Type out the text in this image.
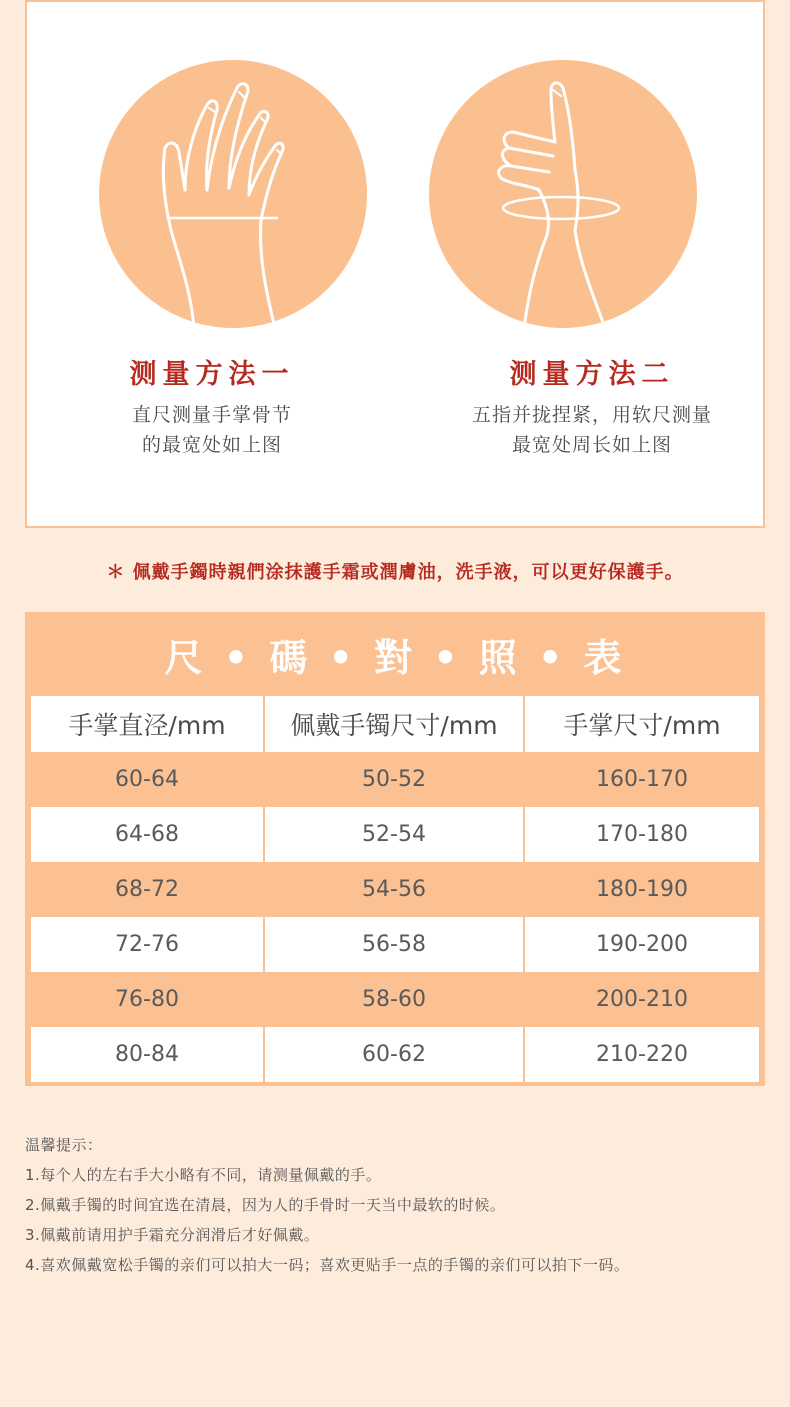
测量方法一
直尺测量手掌骨节
的最宽处如上图
测量方法二
五指并拢捏紧，用软尺测量
最宽处周长如上图
＊ 佩戴手鐲時親們涂抹護手霜或潤膚油，洗手液，可以更好保護手。
尺 • 碼 • 對 • 照 • 表
手掌直泾/mm	佩戴手镯尺寸/mm	手掌尺寸/mm
60-64	50-52	160-170
64-68	52-54	170-180
68-72	54-56	180-190
72-76	56-58	190-200
76-80	58-60	200-210
80-84	60-62	210-220
温馨提示：
1.每个人的左右手大小略有不同，请测量佩戴的手。
2.佩戴手镯的时间宜选在清晨，因为人的手骨时一天当中最软的时候。
3.佩戴前请用护手霜充分润滑后才好佩戴。
4.喜欢佩戴宽松手镯的亲们可以拍大一码；喜欢更贴手一点的手镯的亲们可以拍下一码。
